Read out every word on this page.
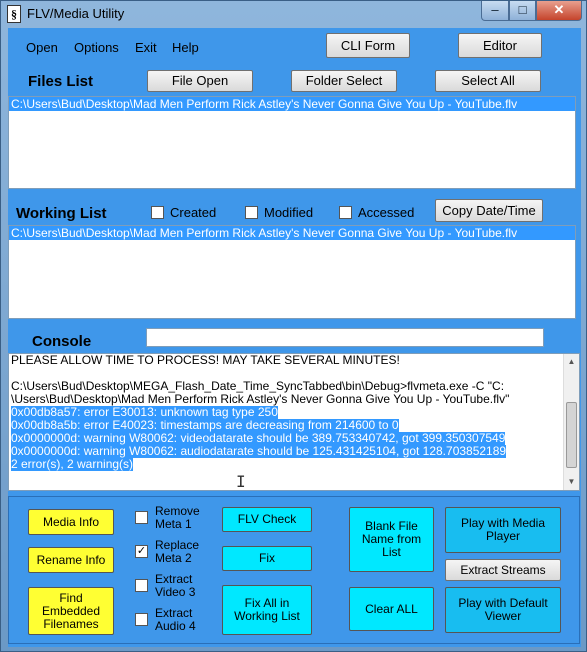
§ FLV/Media Utility	–	□	✕
Open Options Exit Help	CLI Form	Editor
Files List	File Open	Folder Select	Select All
C:\Users\Bud\Desktop\Mad Men Perform Rick Astley's Never Gonna Give You Up - YouTube.flv
Working List	Created	Modified	Accessed	Copy Date/Time
C:\Users\Bud\Desktop\Mad Men Perform Rick Astley's Never Gonna Give You Up - YouTube.flv
Console
PLEASE ALLOW TIME TO PROCESS! MAY TAKE SEVERAL MINUTES!
C:\Users\Bud\Desktop\MEGA_Flash_Date_Time_SyncTabbed\bin\Debug>flvmeta.exe -C "C:
\Users\Bud\Desktop\Mad Men Perform Rick Astley's Never Gonna Give You Up - YouTube.flv"
0x00db8a57: error E30013: unknown tag type 250
0x00db8a5b: error E40023: timestamps are decreasing from 214600 to 0
0x0000000d: warning W80062: videodatarate should be 389.753340742, got 399.350307549
0x0000000d: warning W80062: audiodatarate should be 125.431425104, got 128.703852189
2 error(s), 2 warning(s)
▲
▼
I
Media Info
Rename Info
Find Embedded Filenames
Remove Meta 1
✓ Replace Meta 2
Extract Video 3
Extract Audio 4
FLV Check
Fix
Fix All in Working List
Blank File Name from List
Clear ALL
Play with Media Player
Extract Streams
Play with Default Viewer
